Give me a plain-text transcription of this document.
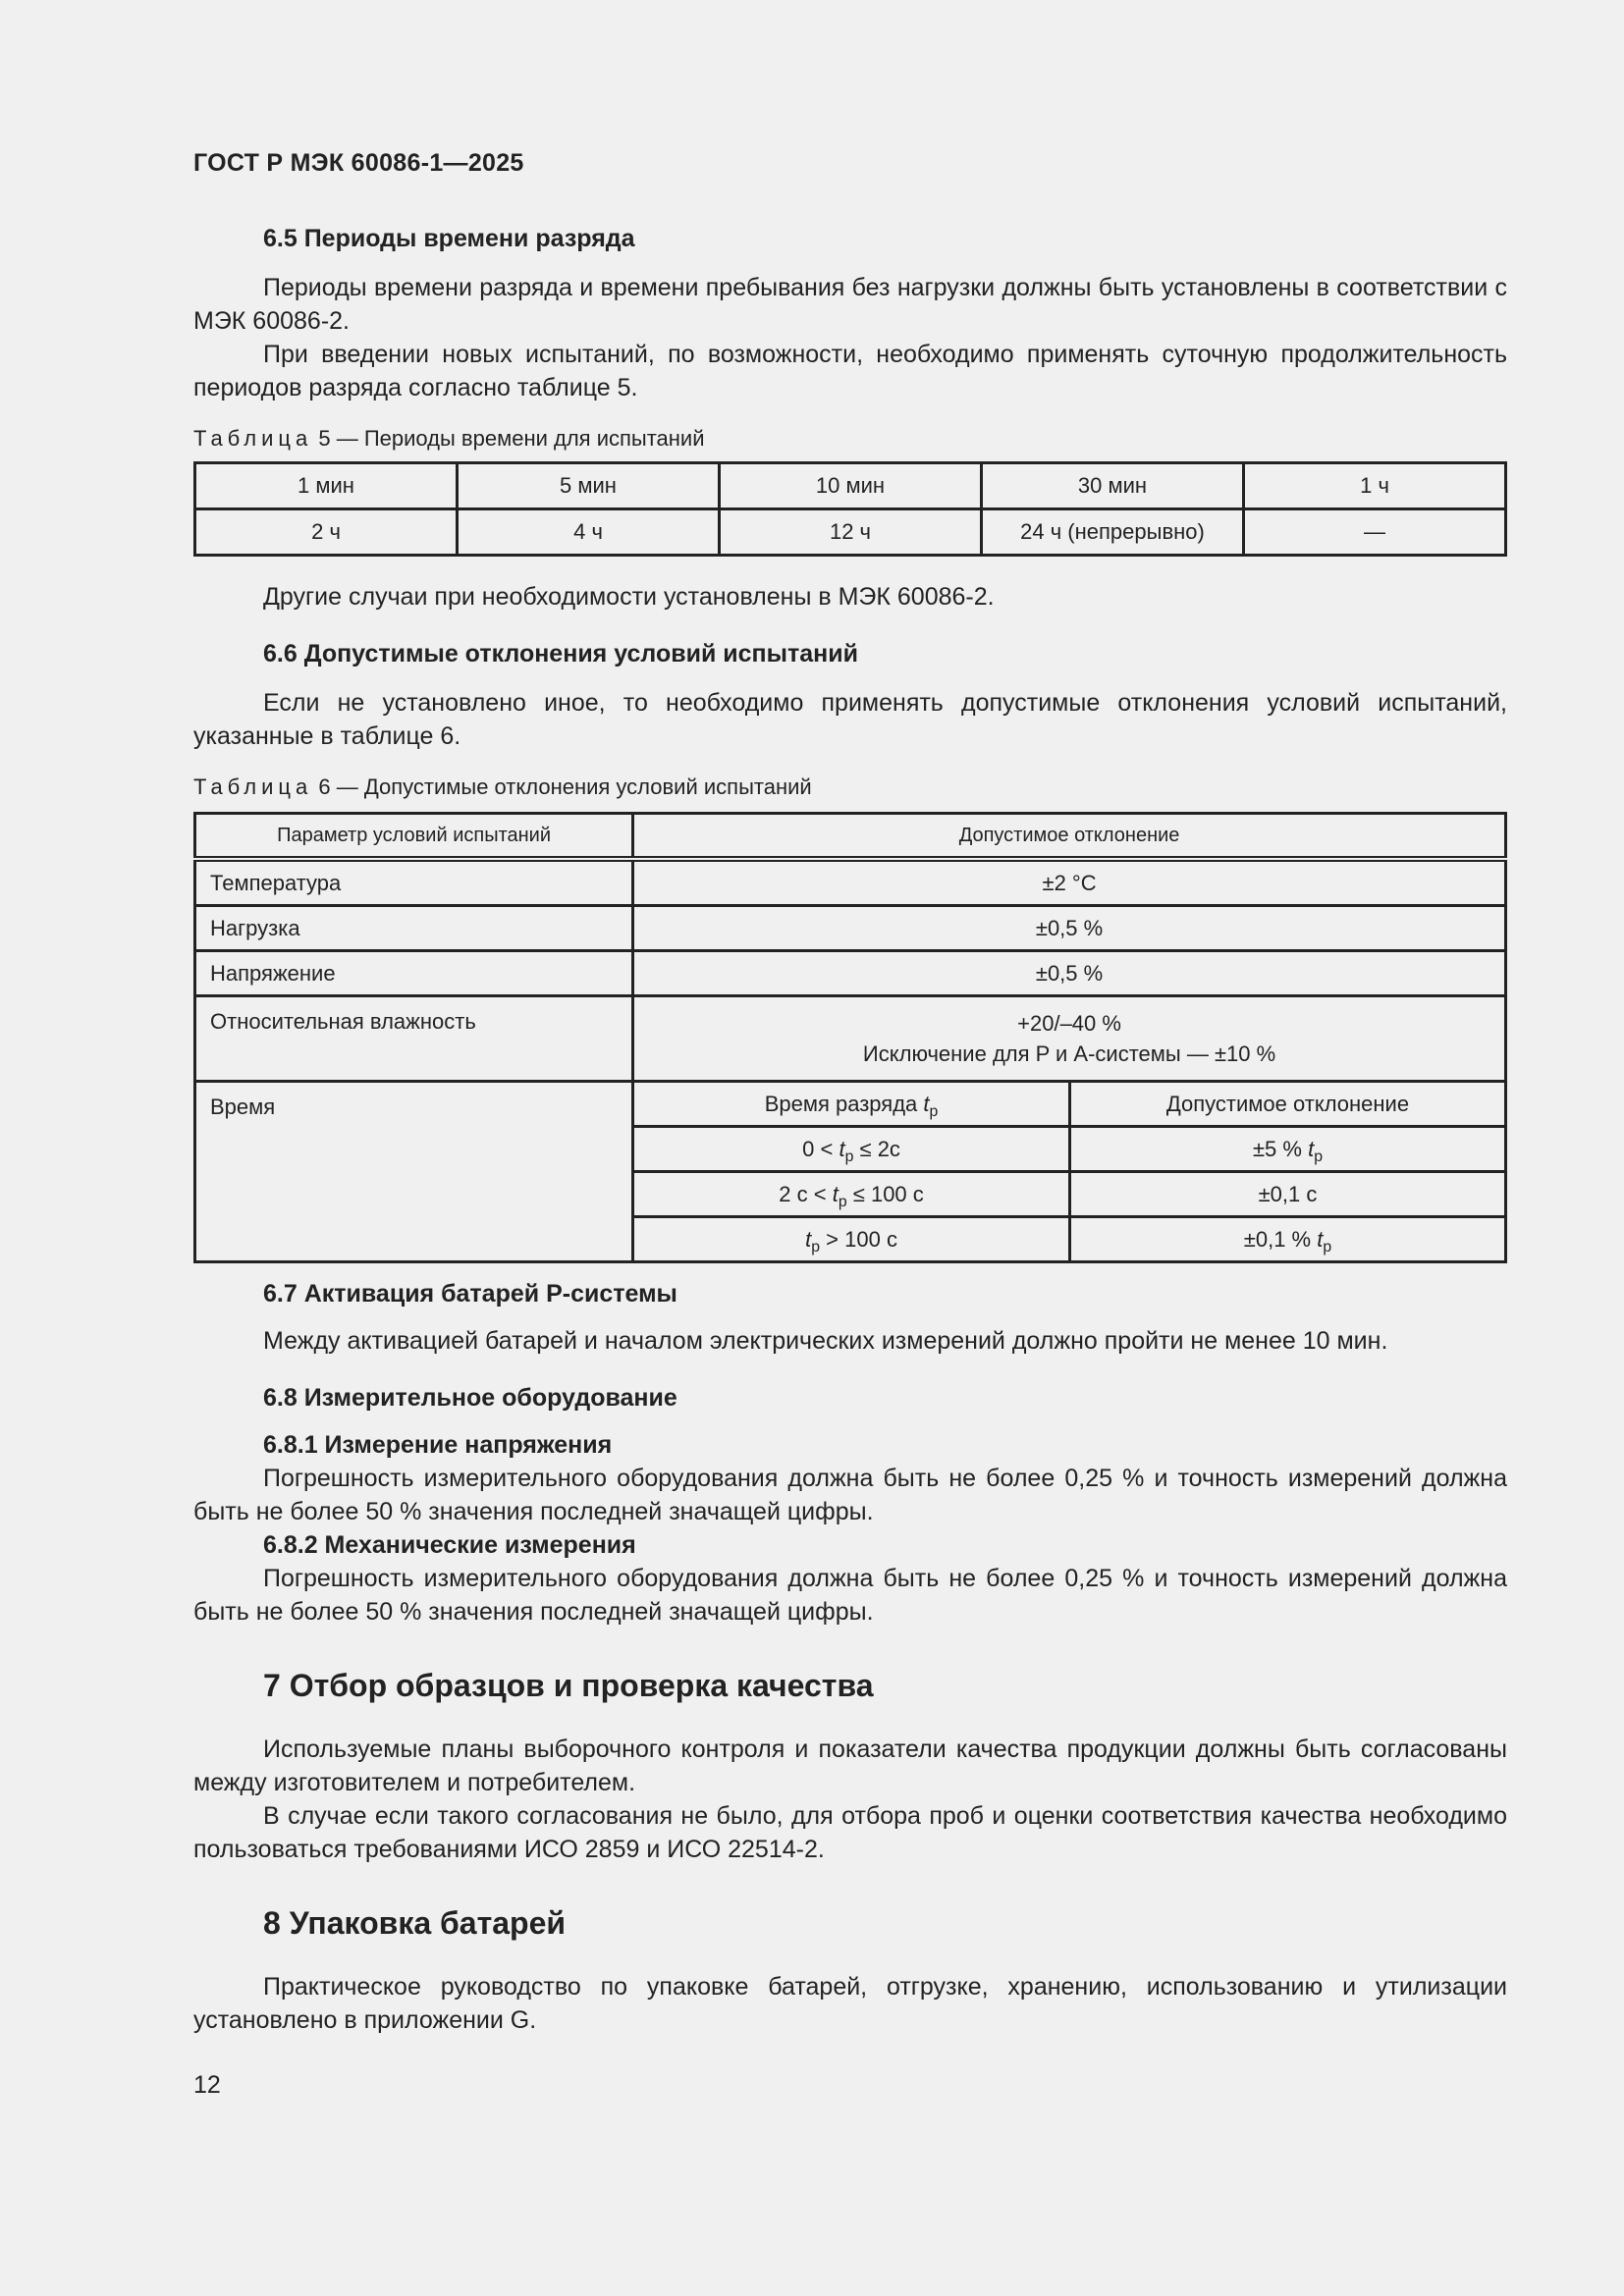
ГОСТ Р МЭК 60086-1—2025
6.5 Периоды времени разряда

Периоды времени разряда и времени пребывания без нагрузки должны быть установлены в соответствии с МЭК 60086-2.

При введении новых испытаний, по возможности, необходимо применять суточную продолжительность периодов разряда согласно таблице 5.

Таблица 5 — Периоды времени для испытаний
1 мин	5 мин	10 мин	30 мин	1 ч
2 ч	4 ч	12 ч	24 ч (непрерывно)	—

Другие случаи при необходимости установлены в МЭК 60086-2.

6.6 Допустимые отклонения условий испытаний

Если не установлено иное, то необходимо применять допустимые отклонения условий испытаний, указанные в таблице 6.

Таблица 6 — Допустимые отклонения условий испытаний
Параметр условий испытаний	Допустимое отклонение	
Температура	±2 °C	
Нагрузка	±0,5 %	
Напряжение	±0,5 %	
Относительная влажность	+20/–40 %
Исключение для P и A-системы — ±10 %	

Время	Время разряда $t_p$	Допустимое отклонение
	$0 < t_p \le 2c$	±5 % $t_p$
	2 $с < t_p \le 100$ с	±0,1 с
	$t_p > 100$ с	±0,1 % $t_p$
6.7 Активация батарей P-системы

Между активацией батарей и началом электрических измерений должно пройти не менее 10 мин.

6.8 Измерительное оборудование
6.8.1 Измерение напряжения

Погрешность измерительного оборудования должна быть не более 0,25 % и точность измерений должна быть не более 50 % значения последней значащей цифры.

6.8.2 Механические измерения

Погрешность измерительного оборудования должна быть не более 0,25 % и точность измерений должна быть не более 50 % значения последней значащей цифры.

7 Отбор образцов и проверка качества

Используемые планы выборочного контроля и показатели качества продукции должны быть согласованы между изготовителем и потребителем.

В случае если такого согласования не было, для отбора проб и оценки соответствия качества необходимо пользоваться требованиями ИСО 2859 и ИСО 22514-2.

8 Упаковка батарей

Практическое руководство по упаковке батарей, отгрузке, хранению, использованию и утилизации установлено в приложении G.

12
